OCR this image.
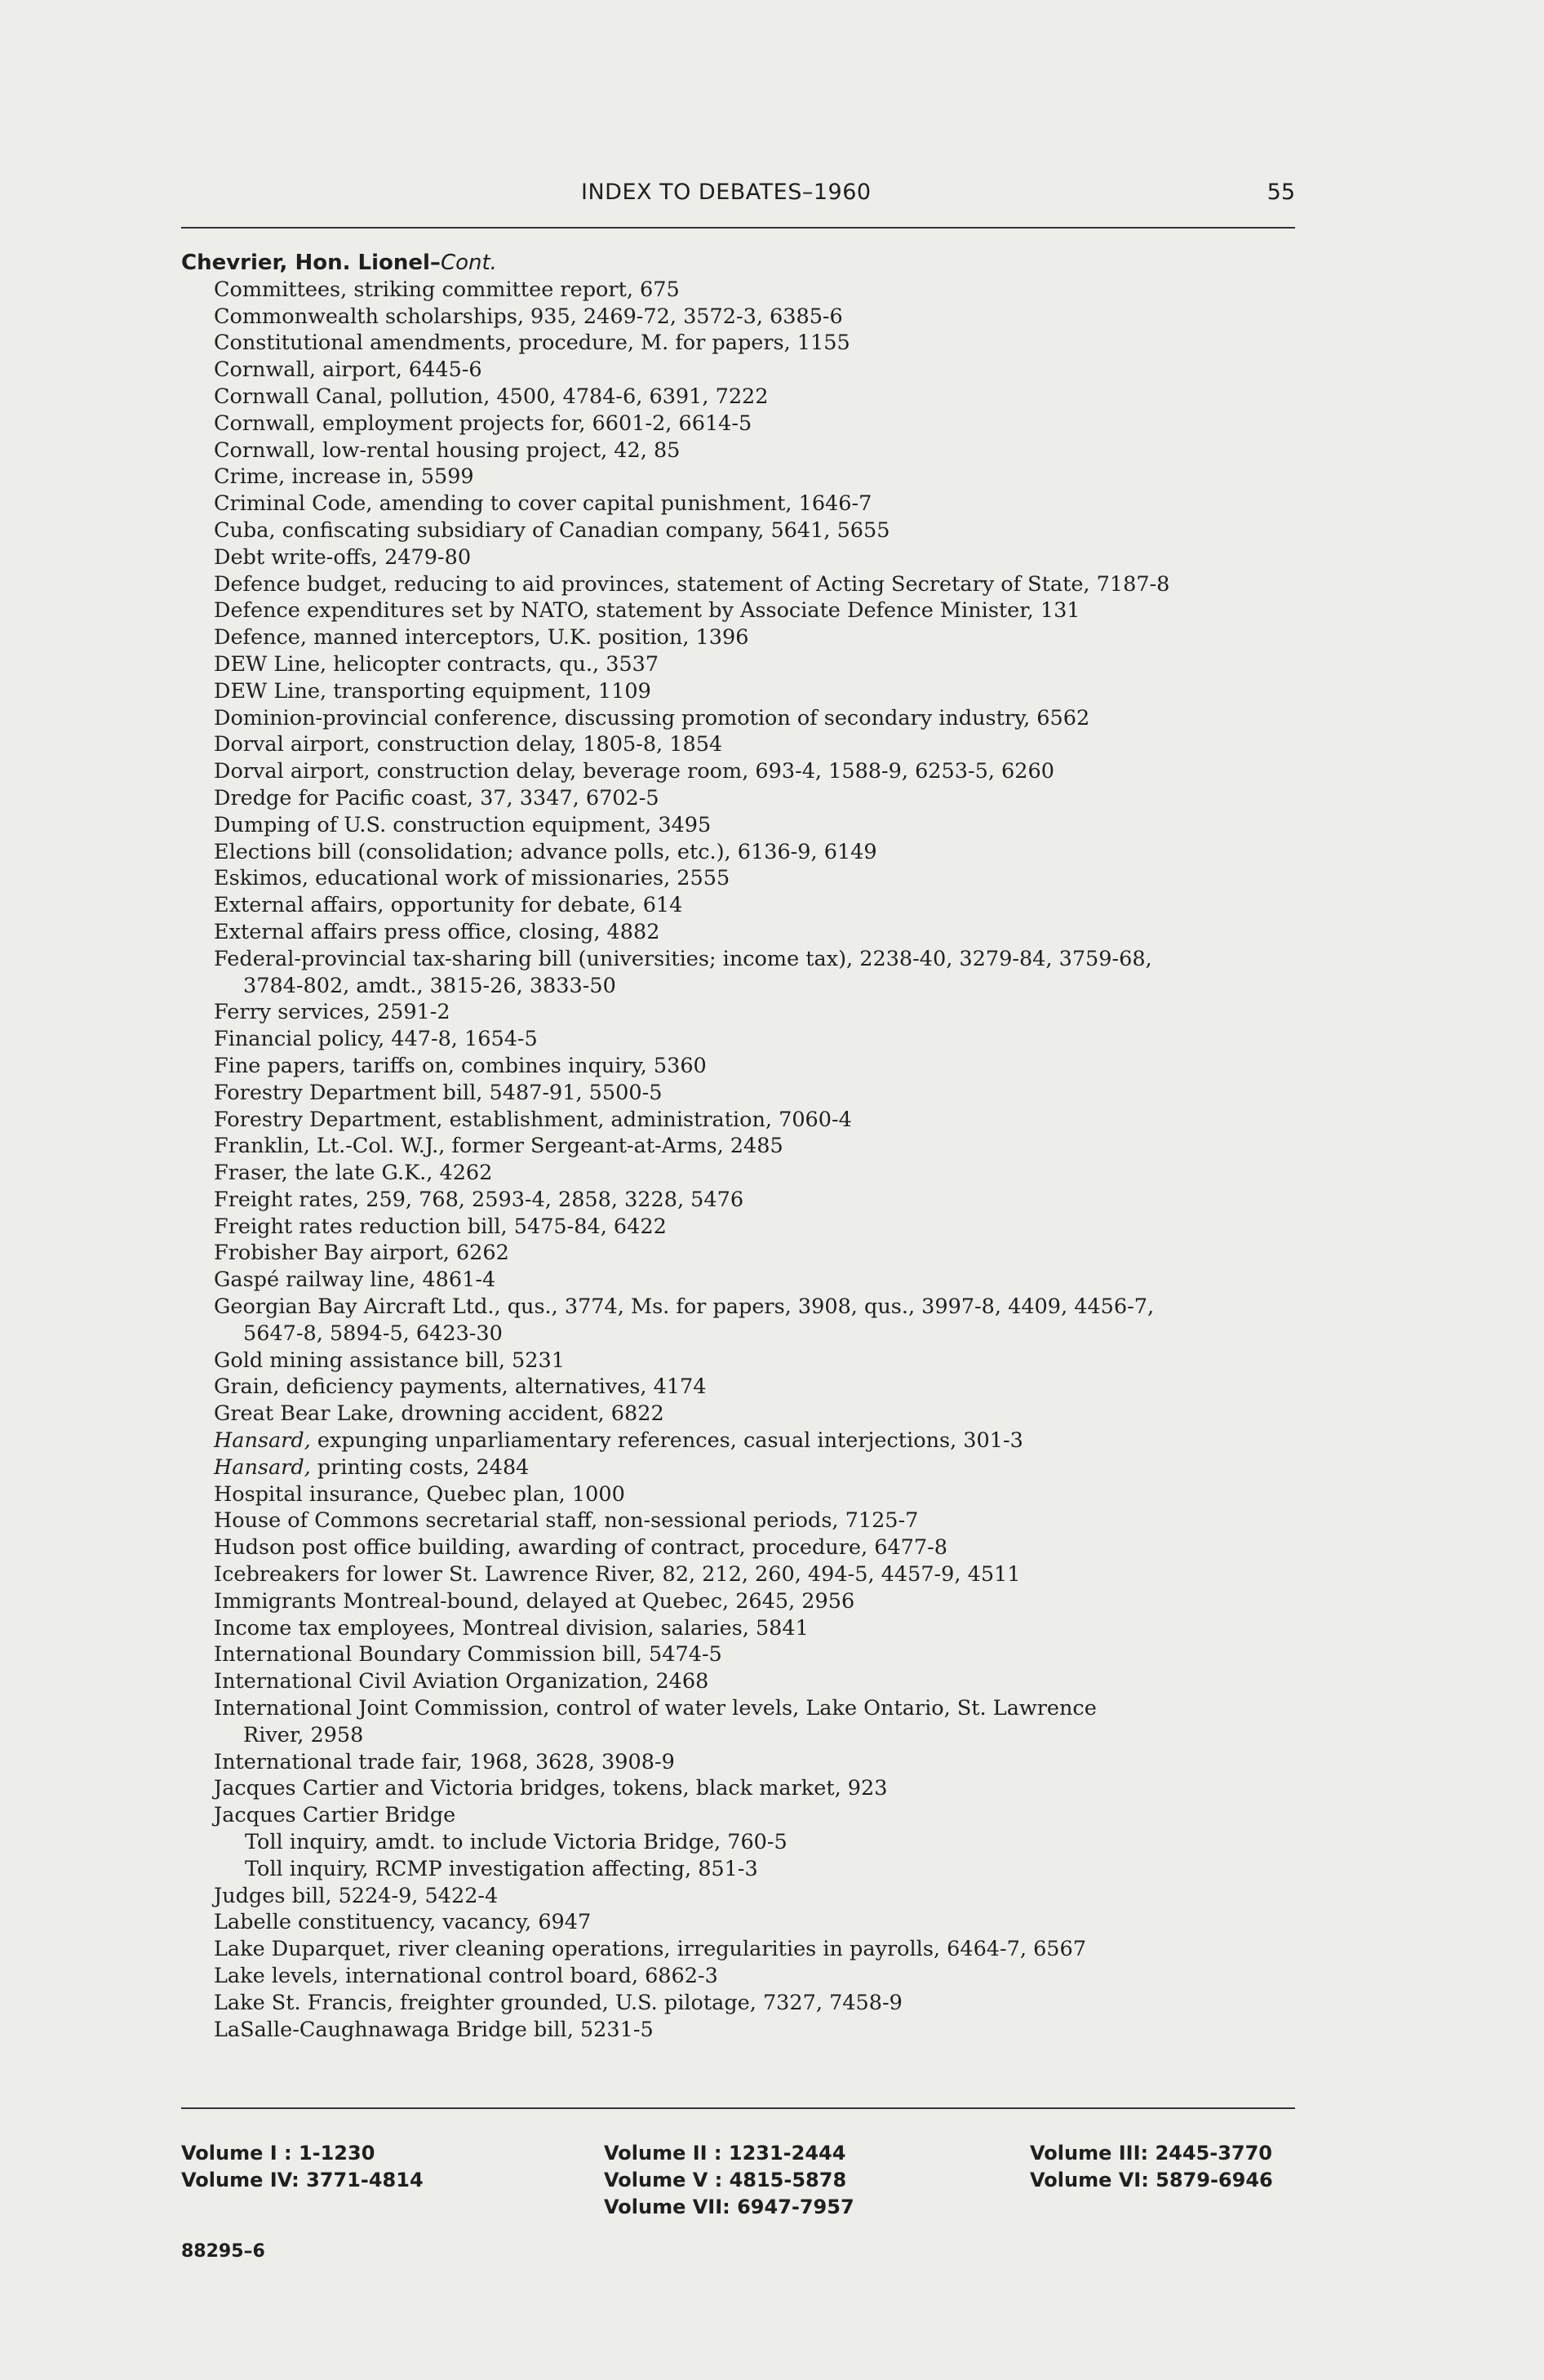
INDEX TO DEBATES–1960	55
Chevrier, Hon. Lionel–Cont.
Committees, striking committee report, 675
Commonwealth scholarships, 935, 2469-72, 3572-3, 6385-6
Constitutional amendments, procedure, M. for papers, 1155
Cornwall, airport, 6445-6
Cornwall Canal, pollution, 4500, 4784-6, 6391, 7222
Cornwall, employment projects for, 6601-2, 6614-5
Cornwall, low-rental housing project, 42, 85
Crime, increase in, 5599
Criminal Code, amending to cover capital punishment, 1646-7
Cuba, confiscating subsidiary of Canadian company, 5641, 5655
Debt write-offs, 2479-80
Defence budget, reducing to aid provinces, statement of Acting Secretary of State, 7187-8
Defence expenditures set by NATO, statement by Associate Defence Minister, 131
Defence, manned interceptors, U.K. position, 1396
DEW Line, helicopter contracts, qu., 3537
DEW Line, transporting equipment, 1109
Dominion-provincial conference, discussing promotion of secondary industry, 6562
Dorval airport, construction delay, 1805-8, 1854
Dorval airport, construction delay, beverage room, 693-4, 1588-9, 6253-5, 6260
Dredge for Pacific coast, 37, 3347, 6702-5
Dumping of U.S. construction equipment, 3495
Elections bill (consolidation; advance polls, etc.), 6136-9, 6149
Eskimos, educational work of missionaries, 2555
External affairs, opportunity for debate, 614
External affairs press office, closing, 4882
Federal-provincial tax-sharing bill (universities; income tax), 2238-40, 3279-84, 3759-68,
3784-802, amdt., 3815-26, 3833-50
Ferry services, 2591-2
Financial policy, 447-8, 1654-5
Fine papers, tariffs on, combines inquiry, 5360
Forestry Department bill, 5487-91, 5500-5
Forestry Department, establishment, administration, 7060-4
Franklin, Lt.-Col. W.J., former Sergeant-at-Arms, 2485
Fraser, the late G.K., 4262
Freight rates, 259, 768, 2593-4, 2858, 3228, 5476
Freight rates reduction bill, 5475-84, 6422
Frobisher Bay airport, 6262
Gaspé railway line, 4861-4
Georgian Bay Aircraft Ltd., qus., 3774, Ms. for papers, 3908, qus., 3997-8, 4409, 4456-7,
5647-8, 5894-5, 6423-30
Gold mining assistance bill, 5231
Grain, deficiency payments, alternatives, 4174
Great Bear Lake, drowning accident, 6822
Hansard, expunging unparliamentary references, casual interjections, 301-3
Hansard, printing costs, 2484
Hospital insurance, Quebec plan, 1000
House of Commons secretarial staff, non-sessional periods, 7125-7
Hudson post office building, awarding of contract, procedure, 6477-8
Icebreakers for lower St. Lawrence River, 82, 212, 260, 494-5, 4457-9, 4511
Immigrants Montreal-bound, delayed at Quebec, 2645, 2956
Income tax employees, Montreal division, salaries, 5841
International Boundary Commission bill, 5474-5
International Civil Aviation Organization, 2468
International Joint Commission, control of water levels, Lake Ontario, St. Lawrence
River, 2958
International trade fair, 1968, 3628, 3908-9
Jacques Cartier and Victoria bridges, tokens, black market, 923
Jacques Cartier Bridge
Toll inquiry, amdt. to include Victoria Bridge, 760-5
Toll inquiry, RCMP investigation affecting, 851-3
Judges bill, 5224-9, 5422-4
Labelle constituency, vacancy, 6947
Lake Duparquet, river cleaning operations, irregularities in payrolls, 6464-7, 6567
Lake levels, international control board, 6862-3
Lake St. Francis, freighter grounded, U.S. pilotage, 7327, 7458-9
LaSalle-Caughnawaga Bridge bill, 5231-5
Volume I : 1-1230
Volume IV: 3771-4814
Volume II : 1231-2444
Volume V : 4815-5878
Volume VII: 6947-7957
Volume III: 2445-3770
Volume VI: 5879-6946
88295–6
